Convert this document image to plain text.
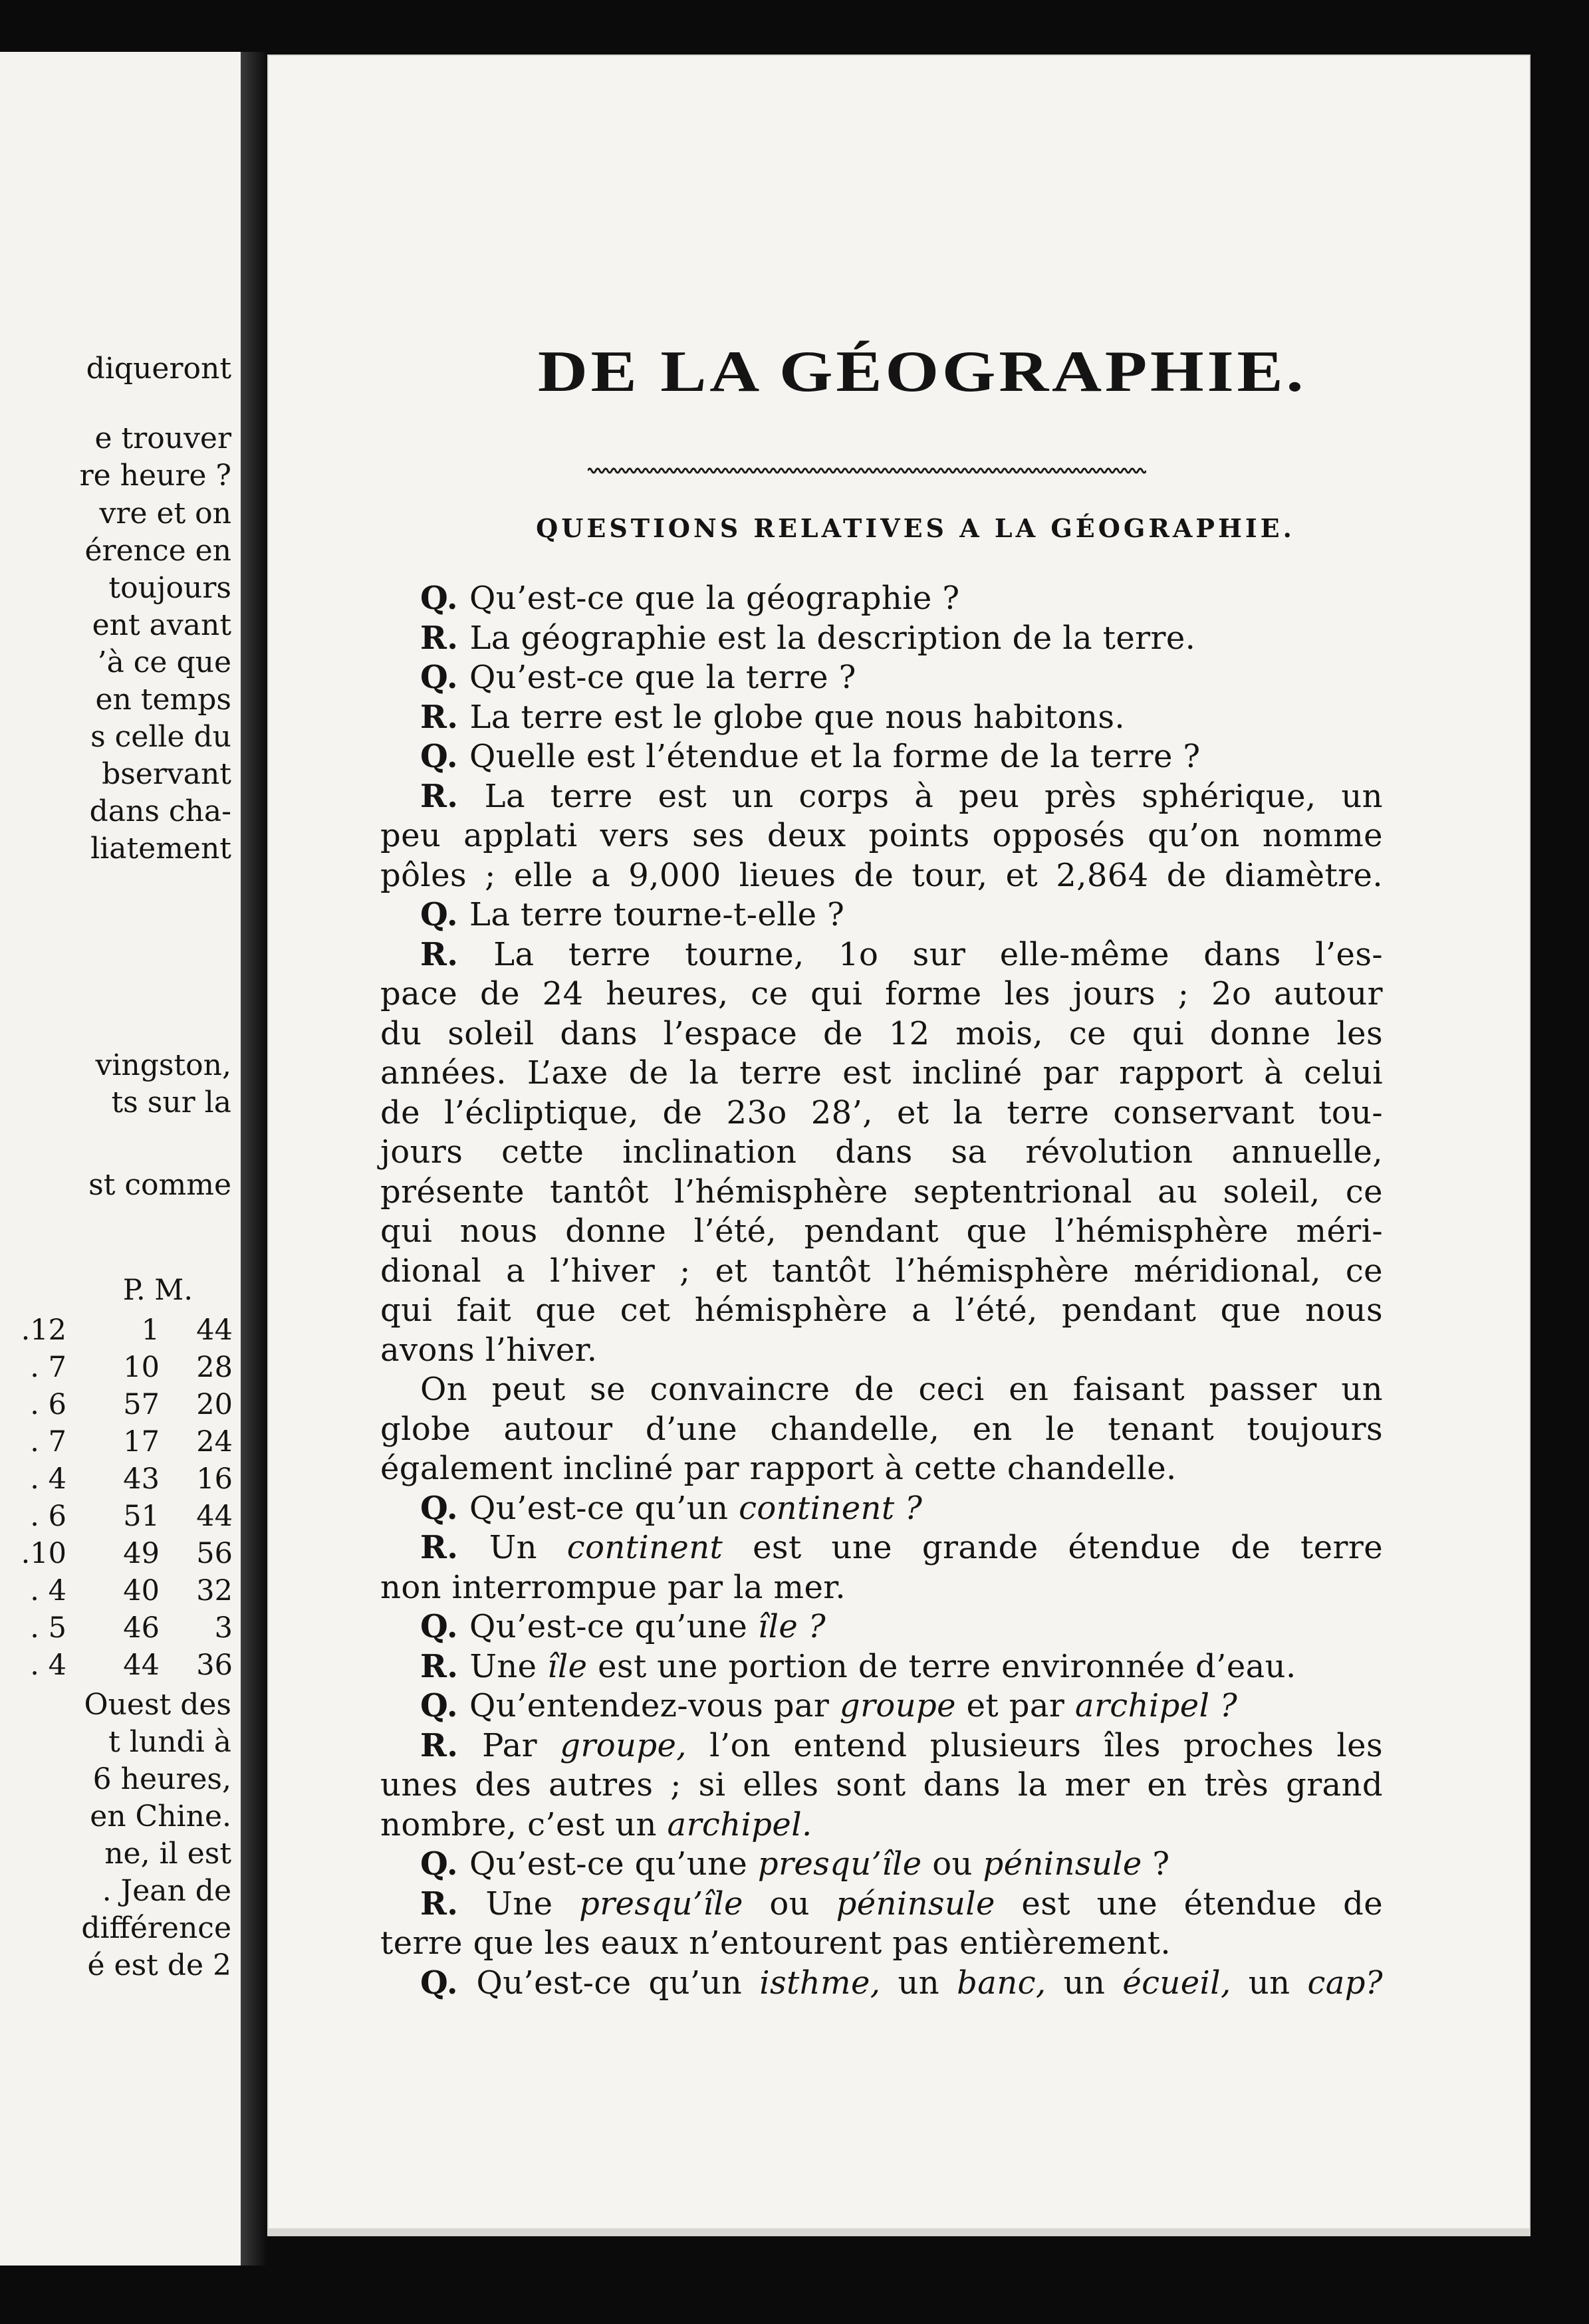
diqueront
e trouver
re heure ?
vre et on
érence en
toujours
ent avant
’à ce que
en temps
s celle du
bservant
dans cha-
liatement
vingston,
ts sur la
st comme
P. M.
.12	1	44
. 7	10	28
. 6	57	20
. 7	17	24
. 4	43	16
. 6	51	44
.10	49	56
. 4	40	32
. 5	46	3
. 4	44	36
Ouest des
t lundi à
6 heures,
en Chine.
ne, il est
. Jean de
différence
é est de 2
DE LA GÉOGRAPHIE.
QUESTIONS RELATIVES A LA GÉOGRAPHIE.
Q. Qu’est-ce que la géographie ?
R. La géographie est la description de la terre.
Q. Qu’est-ce que la terre ?
R. La terre est le globe que nous habitons.
Q. Quelle est l’étendue et la forme de la terre ?
R. La terre est un corps à peu près sphérique, un
peu applati vers ses deux points opposés qu’on nomme
pôles ; elle a 9,000 lieues de tour, et 2,864 de diamètre.
Q. La terre tourne-t-elle ?
R. La terre tourne, 1o sur elle-même dans l’es-
pace de 24 heures, ce qui forme les jours ; 2o autour
du soleil dans l’espace de 12 mois, ce qui donne les
années. L’axe de la terre est incliné par rapport à celui
de l’écliptique, de 23o 28’, et la terre conservant tou-
jours cette inclination dans sa révolution annuelle,
présente tantôt l’hémisphère septentrional au soleil, ce
qui nous donne l’été, pendant que l’hémisphère méri-
dional a l’hiver ; et tantôt l’hémisphère méridional, ce
qui fait que cet hémisphère a l’été, pendant que nous
avons l’hiver.
On peut se convaincre de ceci en faisant passer un
globe autour d’une chandelle, en le tenant toujours
également incliné par rapport à cette chandelle.
Q. Qu’est-ce qu’un continent ?
R. Un continent est une grande étendue de terre
non interrompue par la mer.
Q. Qu’est-ce qu’une île ?
R. Une île est une portion de terre environnée d’eau.
Q. Qu’entendez-vous par groupe et par archipel ?
R. Par groupe, l’on entend plusieurs îles proches les
unes des autres ; si elles sont dans la mer en très grand
nombre, c’est un archipel.
Q. Qu’est-ce qu’une presqu’île ou péninsule ?
R. Une presqu’île ou péninsule est une étendue de
terre que les eaux n’entourent pas entièrement.
Q. Qu’est-ce qu’un isthme, un banc, un écueil, un cap?
